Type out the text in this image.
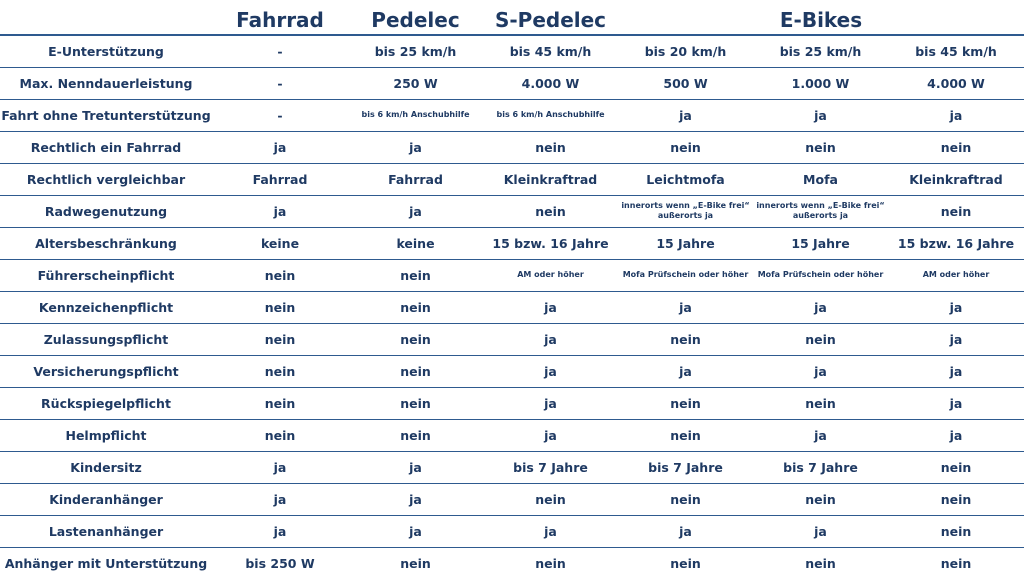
	Fahrrad	Pedelec	S-Pedelec	E-Bikes		
E-Unterstützung	-	bis 25 km/h	bis 45 km/h	bis 20 km/h	bis 25 km/h	bis 45 km/h
Max. Nenndauerleistung	-	250 W	4.000 W	500 W	1.000 W	4.000 W
Fahrt ohne Tretunterstützung	-	bis 6 km/h Anschubhilfe	bis 6 km/h Anschubhilfe	ja	ja	ja
Rechtlich ein Fahrrad	ja	ja	nein	nein	nein	nein
Rechtlich vergleichbar	Fahrrad	Fahrrad	Kleinkraftrad	Leichtmofa	Mofa	Kleinkraftrad
Radwegenutzung	ja	ja	nein	innerorts wenn „E-Bike frei“ außerorts ja	innerorts wenn „E-Bike frei“ außerorts ja	nein
Altersbeschränkung	keine	keine	15 bzw. 16 Jahre	15 Jahre	15 Jahre	15 bzw. 16 Jahre
Führerscheinpflicht	nein	nein	AM oder höher	Mofa Prüfschein oder höher	Mofa Prüfschein oder höher	AM oder höher

Kennzeichenpflicht	nein	nein	ja	ja	ja	ja
Zulassungspflicht	nein	nein	ja	nein	nein	ja
Versicherungspflicht	nein	nein	ja	ja	ja	ja
Rückspiegelpflicht	nein	nein	ja	nein	nein	ja
Helmpflicht	nein	nein	ja	nein	ja	ja
Kindersitz	ja	ja	bis 7 Jahre	bis 7 Jahre	bis 7 Jahre	nein
Kinderanhänger	ja	ja	nein	nein	nein	nein
Lastenanhänger	ja	ja	ja	ja	ja	nein
Anhänger mit Unterstützung	bis 250 W	nein	nein	nein	nein	nein
